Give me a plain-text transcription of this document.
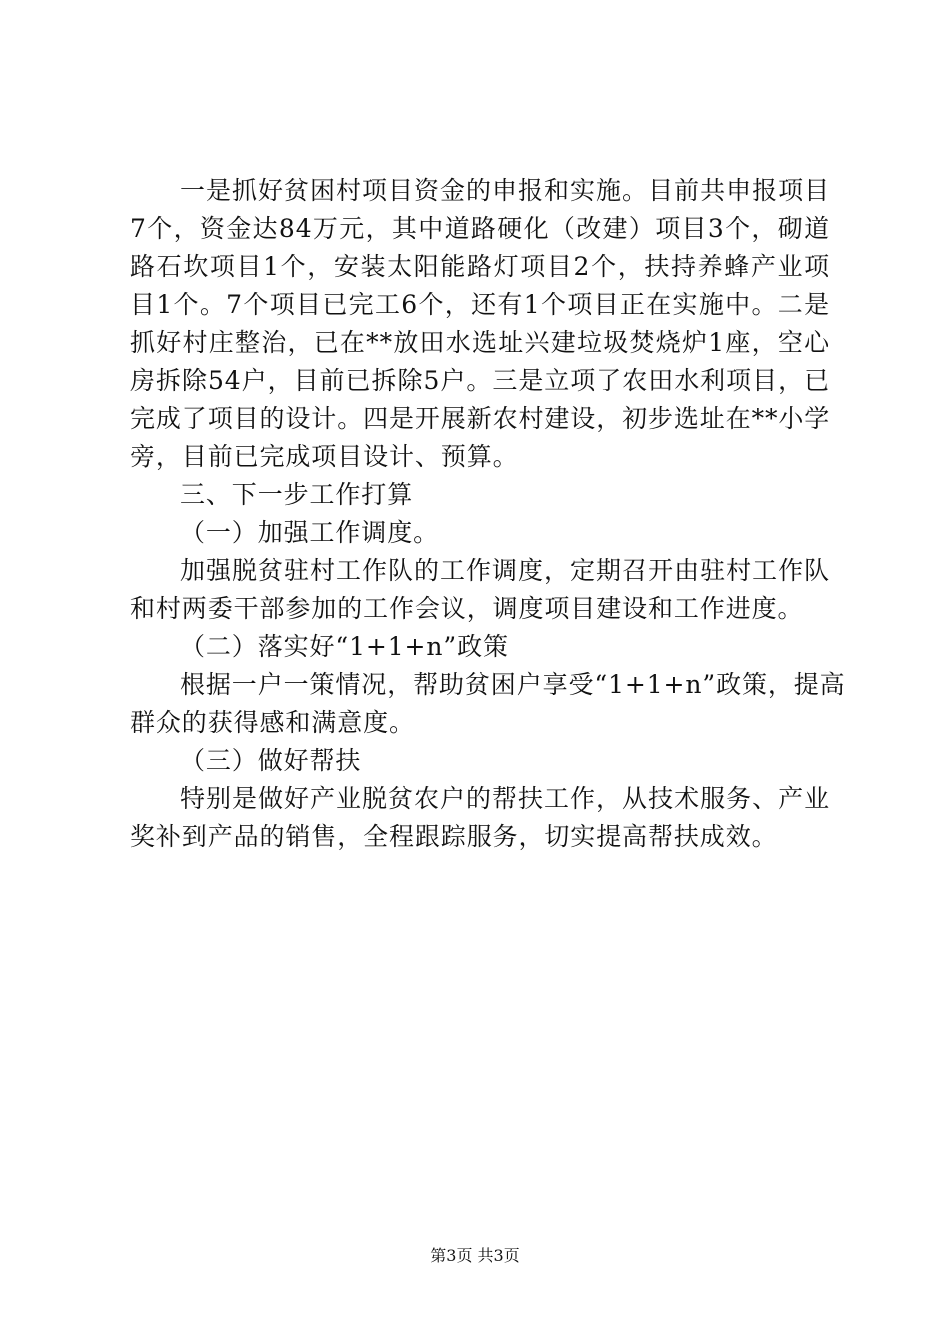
一是抓好贫困村项目资金的申报和实施。目前共申报项目

7个，资金达84万元，其中道路硬化（改建）项目3个，砌道

路石坎项目1个，安装太阳能路灯项目2个，扶持养蜂产业项

目1个。7个项目已完工6个，还有1个项目正在实施中。二是

抓好村庄整治，已在**放田水选址兴建垃圾焚烧炉1座，空心

房拆除54户，目前已拆除5户。三是立项了农田水利项目，已

完成了项目的设计。四是开展新农村建设，初步选址在**小学

旁，目前已完成项目设计、预算。

三、下一步工作打算

（一）加强工作调度。

加强脱贫驻村工作队的工作调度，定期召开由驻村工作队

和村两委干部参加的工作会议，调度项目建设和工作进度。

（二）落实好“1+1+n”政策

根据一户一策情况，帮助贫困户享受“1+1+n”政策，提高

群众的获得感和满意度。

（三）做好帮扶

特别是做好产业脱贫农户的帮扶工作，从技术服务、产业

奖补到产品的销售，全程跟踪服务，切实提高帮扶成效。

第3页 共3页
